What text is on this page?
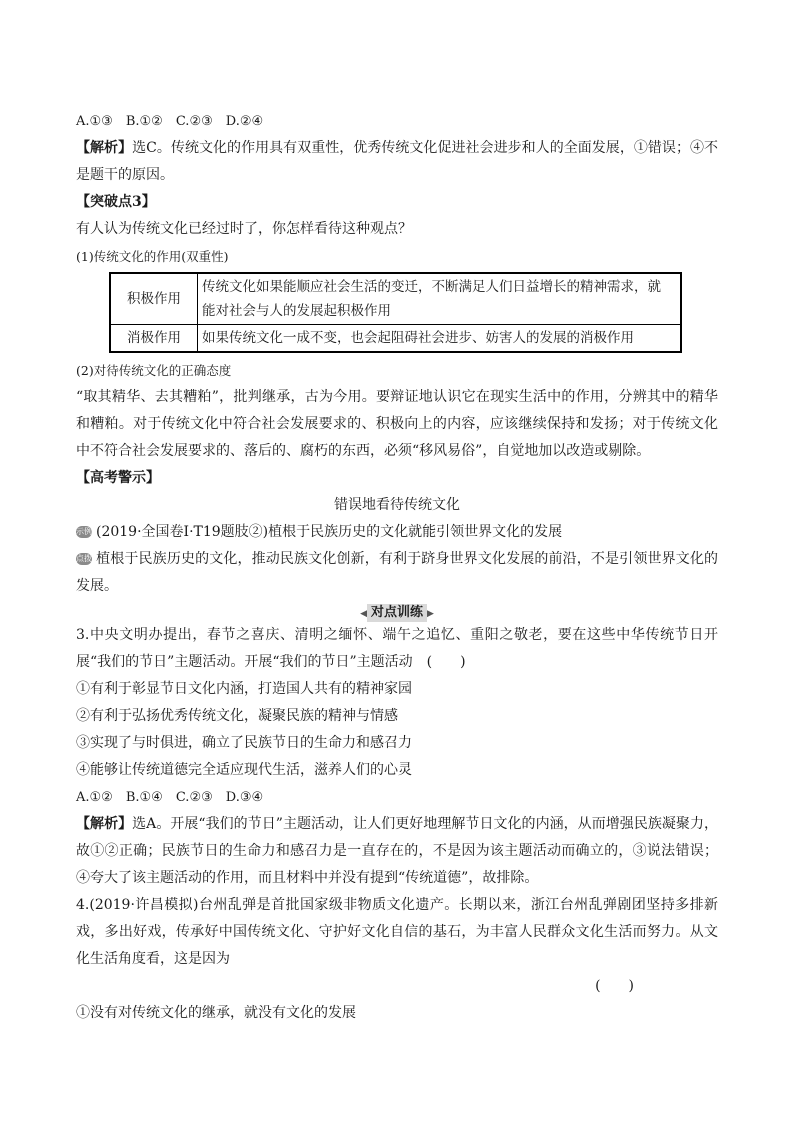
A.①③　B.①②　C.②③　D.②④
【解析】选C。传统文化的作用具有双重性，优秀传统文化促进社会进步和人的全面发展，①错误；④不是题干的原因。
【突破点3】
有人认为传统文化已经过时了，你怎样看待这种观点？
(1)传统文化的作用(双重性)
积极作用	传统文化如果能顺应社会生活的变迁，不断满足人们日益增长的精神需求，就
能对社会与人的发展起积极作用

消极作用	如果传统文化一成不变，也会起阻碍社会进步、妨害人的发展的消极作用
(2)对待传统文化的正确态度
“取其精华、去其糟粕”，批判继承，古为今用。要辩证地认识它在现实生活中的作用，分辨其中的精华和糟粕。对于传统文化中符合社会发展要求的、积极向上的内容，应该继续保持和发扬；对于传统文化中不符合社会发展要求的、落后的、腐朽的东西，必须“移风易俗”，自觉地加以改造或剔除。
【高考警示】
错误地看待传统文化
示例 (2019·全国卷Ⅰ·T19题肢②)植根于民族历史的文化就能引领世界文化的发展
点拨 植根于民族历史的文化，推动民族文化创新，有利于跻身世界文化发展的前沿，不是引领世界文化的发展。
◀ 对点训练 ▶
3.中央文明办提出，春节之喜庆、清明之缅怀、端午之追忆、重阳之敬老，要在这些中华传统节日开展“我们的节日”主题活动。开展“我们的节日”主题活动　(　　)
①有利于彰显节日文化内涵，打造国人共有的精神家园
②有利于弘扬优秀传统文化，凝聚民族的精神与情感
③实现了与时俱进，确立了民族节日的生命力和感召力
④能够让传统道德完全适应现代生活，滋养人们的心灵
A.①②　B.①④　C.②③　D.③④
【解析】选A。开展“我们的节日”主题活动，让人们更好地理解节日文化的内涵，从而增强民族凝聚力，故①②正确；民族节日的生命力和感召力是一直存在的，不是因为该主题活动而确立的，③说法错误；④夸大了该主题活动的作用，而且材料中并没有提到“传统道德”，故排除。
4.(2019·许昌模拟)台州乱弹是首批国家级非物质文化遗产。长期以来，浙江台州乱弹剧团坚持多排新戏，多出好戏，传承好中国传统文化、守护好文化自信的基石，为丰富人民群众文化生活而努力。从文化生活角度看，这是因为
(　　)
①没有对传统文化的继承，就没有文化的发展
